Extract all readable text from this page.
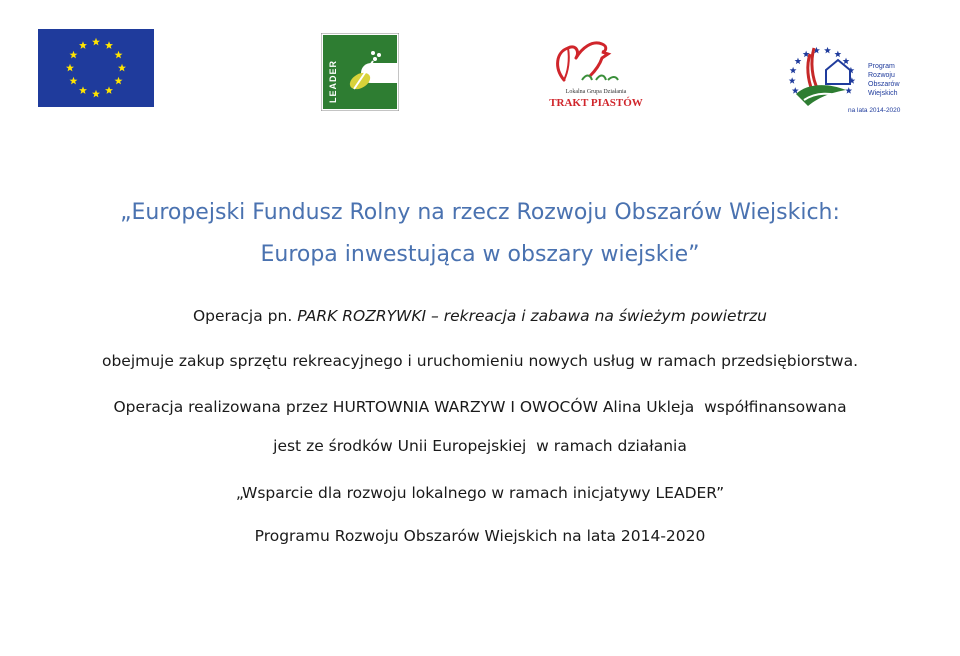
LEADER	Lokalna Grupa Działania
TRAKT PIASTÓW
Program
Rozwoju
Obszarów
Wiejskich
na lata 2014-2020
„Europejski Fundusz Rolny na rzecz Rozwoju Obszarów Wiejskich:
Europa inwestująca w obszary wiejskie”
Operacja pn. PARK ROZRYWKI – rekreacja i zabawa na świeżym powietrzu
obejmuje zakup sprzętu rekreacyjnego i uruchomieniu nowych usług w ramach przedsiębiorstwa.
Operacja realizowana przez HURTOWNIA WARZYW I OWOCÓW Alina Ukleja  współfinansowana
jest ze środków Unii Europejskiej  w ramach działania
„Wsparcie dla rozwoju lokalnego w ramach inicjatywy LEADER”
Programu Rozwoju Obszarów Wiejskich na lata 2014-2020
